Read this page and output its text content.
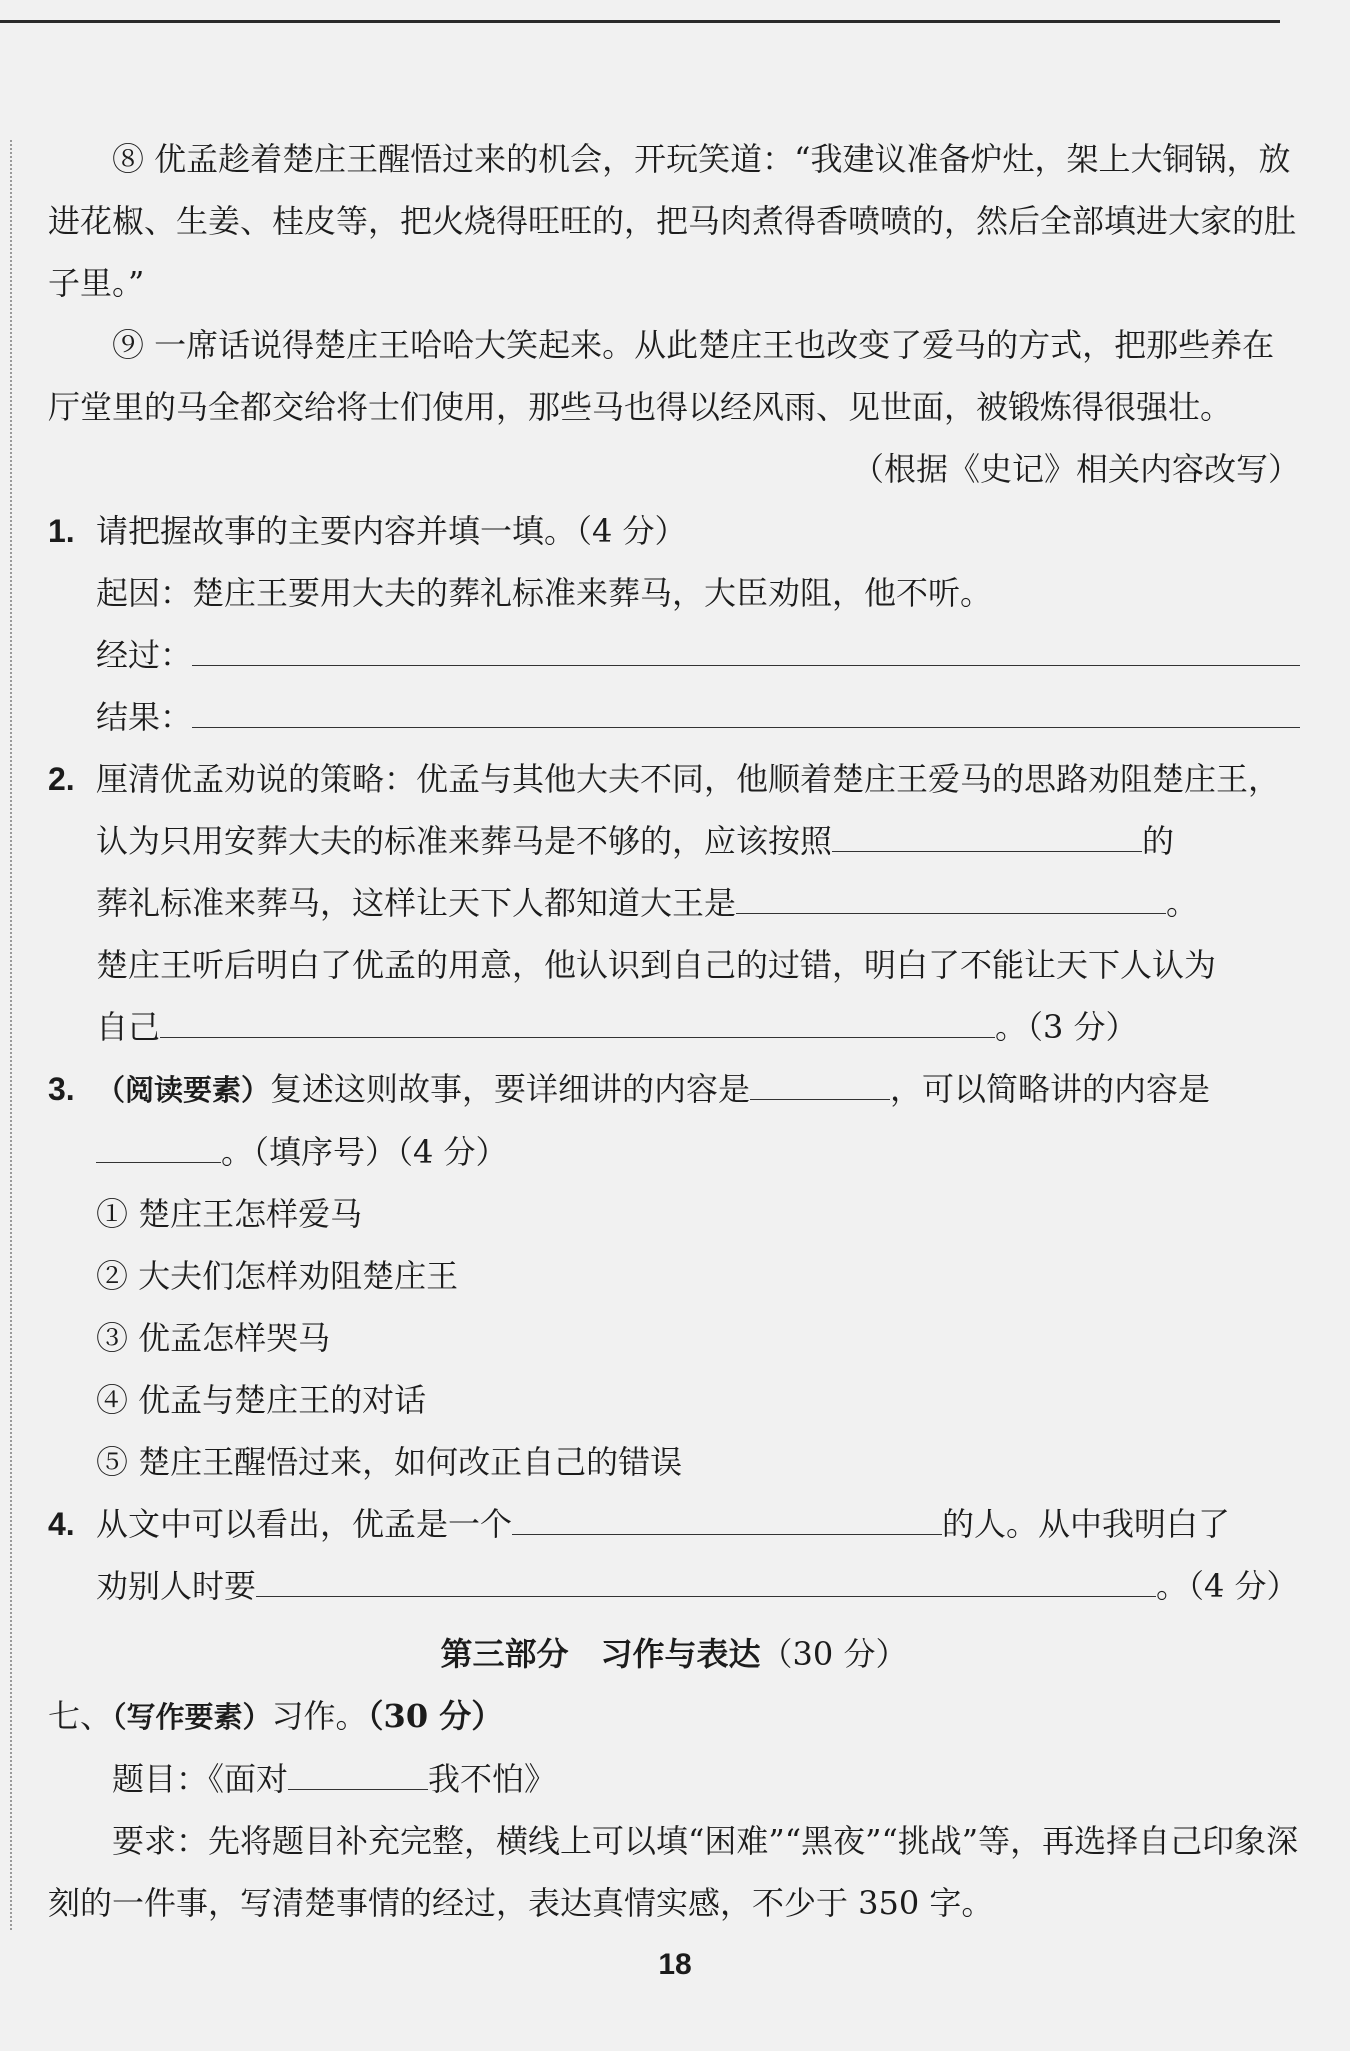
⑧ 优孟趁着楚庄王醒悟过来的机会，开玩笑道：“我建议准备炉灶，架上大铜锅，放进花椒、生姜、桂皮等，把火烧得旺旺的，把马肉煮得香喷喷的，然后全部填进大家的肚子里。”

⑨ 一席话说得楚庄王哈哈大笑起来。从此楚庄王也改变了爱马的方式，把那些养在厅堂里的马全都交给将士们使用，那些马也得以经风雨、见世面，被锻炼得很强壮。

（根据《史记》相关内容改写）

1. 请把握故事的主要内容并填一填。（4 分）

起因：楚庄王要用大夫的葬礼标准来葬马，大臣劝阻，他不听。

经过：
结果：
2. 厘清优孟劝说的策略：优孟与其他大夫不同，他顺着楚庄王爱马的思路劝阻楚庄王，认为只用安葬大夫的标准来葬马是不够的，应该按照	的
葬礼标准来葬马，这样让天下人都知道大王是	。
楚庄王听后明白了优孟的用意，他认识到自己的过错，明白了不能让天下人认为
自己	。（3 分）
3. （阅读要素）复述这则故事，要详细讲的内容是	，可以简略讲的内容是
。（填序号）（4 分）

① 楚庄王怎样爱马

② 大夫们怎样劝阻楚庄王

③ 优孟怎样哭马

④ 优孟与楚庄王的对话

⑤ 楚庄王醒悟过来，如何改正自己的错误

4. 从文中可以看出，优孟是一个	的人。从中我明白了
劝别人时要	。（4 分）

第三部分　习作与表达（30 分）

七、（写作要素）习作。（30 分）

题目：《面对	我不怕》

要求：先将题目补充完整，横线上可以填“困难”“黑夜”“挑战”等，再选择自己印象深刻的一件事，写清楚事情的经过，表达真情实感，不少于 350 字。

18
